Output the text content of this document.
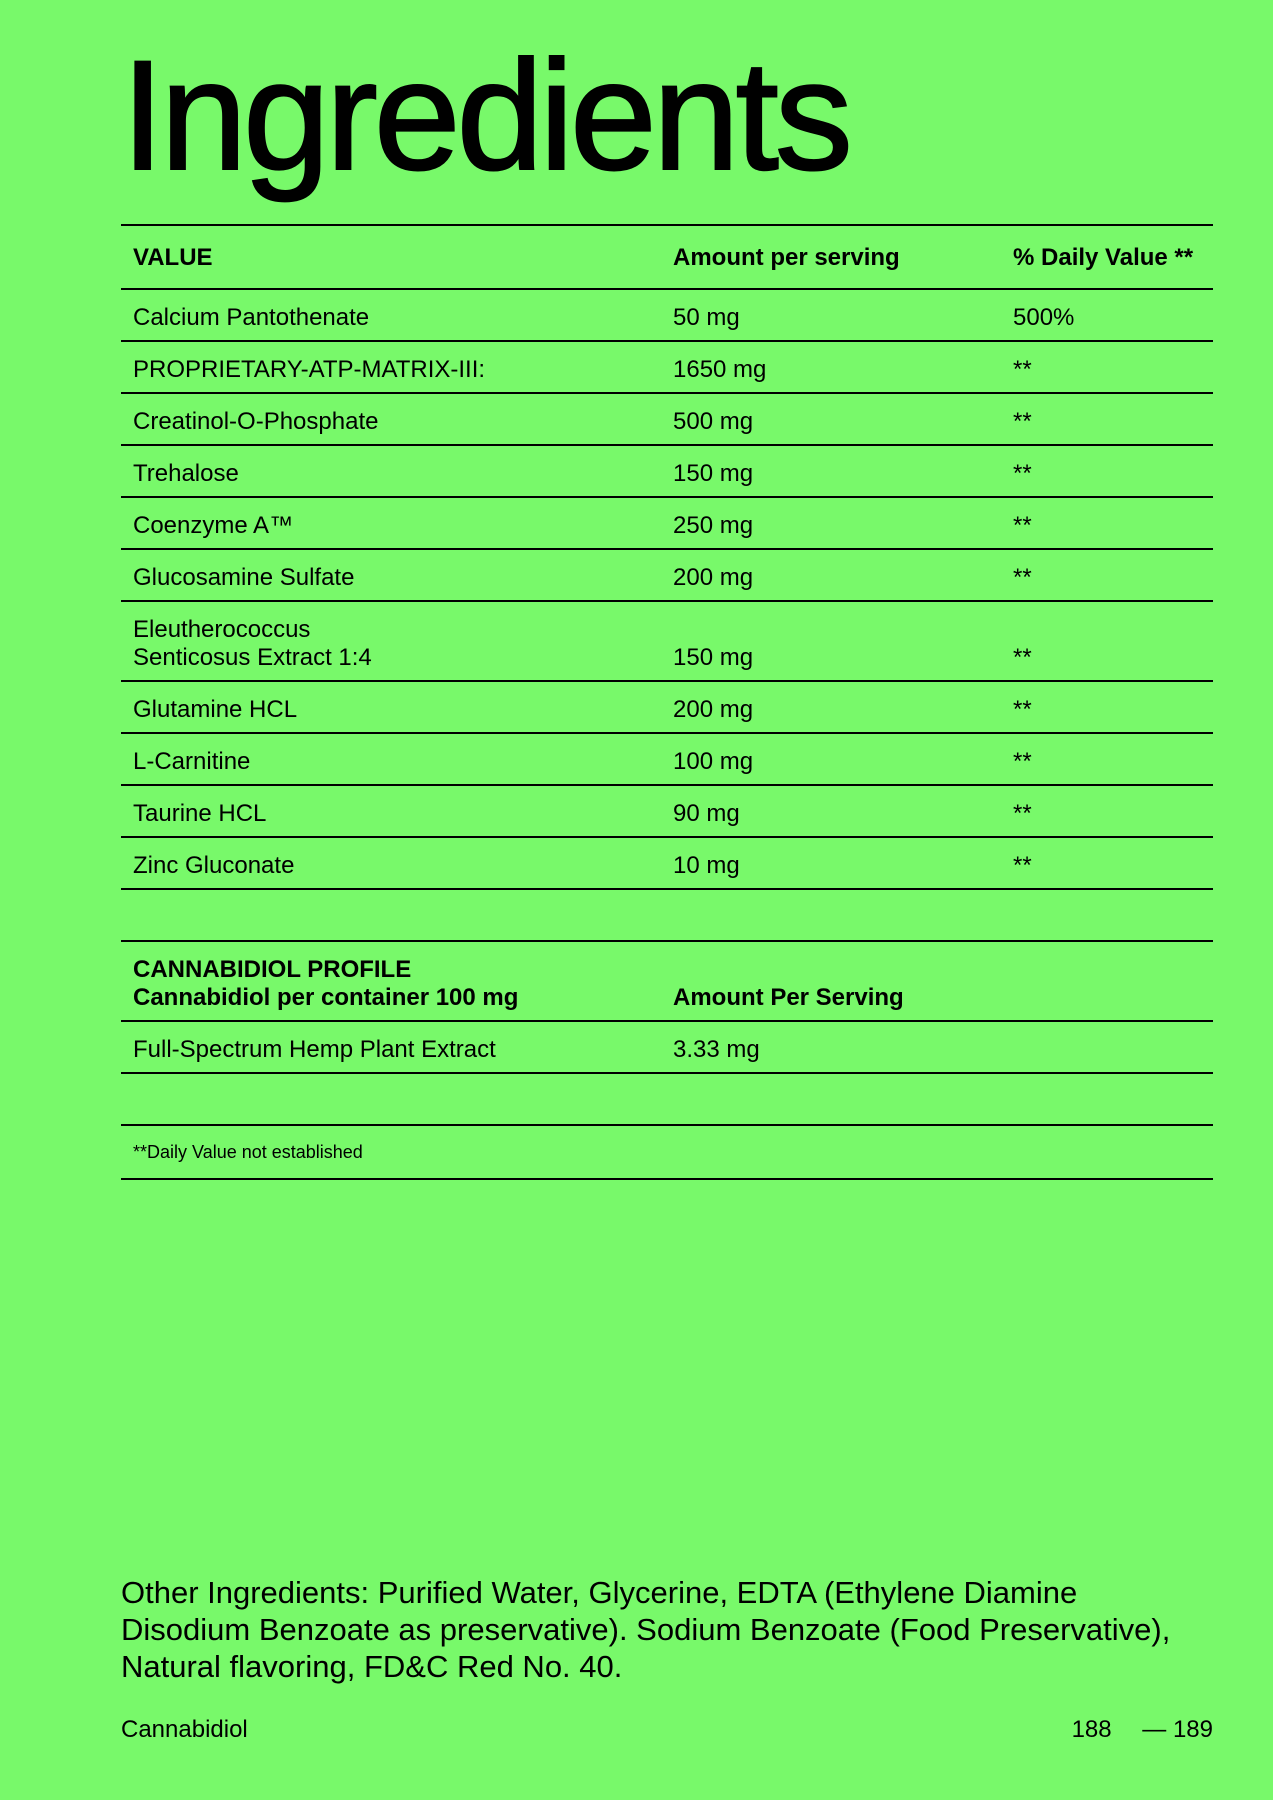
Ingredients
VALUE	Amount per serving	% Daily Value **
Calcium Pantothenate	50 mg	500%
PROPRIETARY-ATP-MATRIX-III:	1650 mg	**
Creatinol-O-Phosphate	500 mg	**
Trehalose	150 mg	**
Coenzyme A™	250 mg	**
Glucosamine Sulfate	200 mg	**
Eleutherococcus
Senticosus Extract 1:4	150 mg	**
Glutamine HCL	200 mg	**
L-Carnitine	100 mg	**
Taurine HCL	90 mg	**
Zinc Gluconate	10 mg	**
CANNABIDIOL PROFILE
Cannabidiol per container 100 mg	Amount Per Serving
Full-Spectrum Hemp Plant Extract	3.33 mg
**Daily Value not established

Other Ingredients: Purified Water, Glycerine, EDTA (Ethylene Diamine Disodium Benzoate as preservative). Sodium Benzoate (Food Preservative), Natural flavoring, FD&C Red No. 40.

Cannabidiol	188 — 189
